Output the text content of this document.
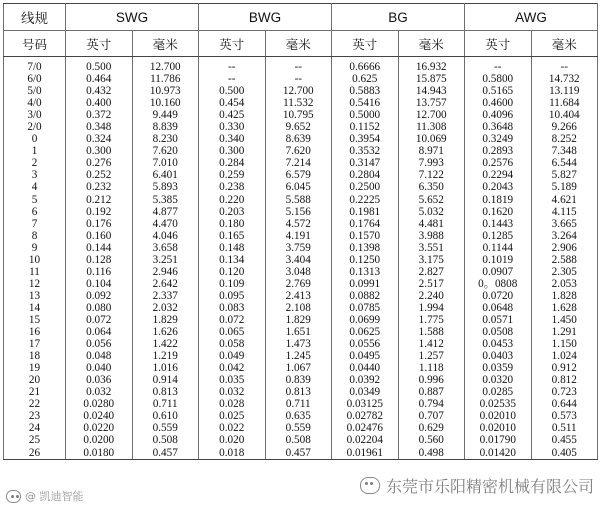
线规	SWG		BWG		BG		AWG	
号码	英寸	毫米	英寸	毫米	英寸	毫米	英寸	毫米
7/0	0.500	12.700	--	--	0.6666	16.932	--	--
6/0	0.464	11.786	--	--	0.625	15.875	0.5800	14.732
5/0	0.432	10.973	0.500	12.700	0.5883	14.943	0.5165	13.119
4/0	0.400	10.160	0.454	11.532	0.5416	13.757	0.4600	11.684
3/0	0.372	9.449	0.425	10.795	0.5000	12.700	0.4096	10.404
2/0	0.348	8.839	0.330	9.652	0.1152	11.308	0.3648	9.266
0	0.324	8.230	0.340	8.639	0.3954	10.069	0.3249	8.252
1	0.300	7.620	0.300	7.620	0.3532	8.971	0.2893	7.348
2	0.276	7.010	0.284	7.214	0.3147	7.993	0.2576	6.544
3	0.252	6.401	0.259	6.579	0.2804	7.122	0.2294	5.827
4	0.232	5.893	0.238	6.045	0.2500	6.350	0.2043	5.189
5	0.212	5.385	0.220	5.588	0.2225	5.652	0.1819	4.621
6	0.192	4.877	0.203	5.156	0.1981	5.032	0.1620	4.115
7	0.176	4.470	0.180	4.572	0.1764	4.481	0.1443	3.665
8	0.160	4.046	0.165	4.191	0.1570	3.988	0.1285	3.264
9	0.144	3.658	0.148	3.759	0.1398	3.551	0.1144	2.906
10	0.128	3.251	0.134	3.404	0.1250	3.175	0.1019	2.588
11	0.116	2.946	0.120	3.048	0.1313	2.827	0.0907	2.305
12	0.104	2.642	0.109	2.769	0.0991	2.517	0。0808	2.053
13	0.092	2.337	0.095	2.413	0.0882	2.240	0.0720	1.828
14	0.080	2.032	0.083	2.108	0.0785	1.994	0.0648	1.628
15	0.072	1.829	0.072	1.829	0.0699	1.775	0.0571	1.450
16	0.064	1.626	0.065	1.651	0.0625	1.588	0.0508	1.291
17	0.056	1.422	0.058	1.473	0.0556	1.412	0.0453	1.150
18	0.048	1.219	0.049	1.245	0.0495	1.257	0.0403	1.024
19	0.040	1.016	0.042	1.067	0.0440	1.118	0.0359	0.912
20	0.036	0.914	0.035	0.839	0.0392	0.996	0.0320	0.812
21	0.032	0.813	0.032	0.813	0.0349	0.887	0.0285	0.723
22	0.0280	0.711	0.028	0.711	0.03125	0.794	0.02535	0.644
23	0.0240	0.610	0.025	0.635	0.02782	0.707	0.02010	0.573
24	0.0220	0.559	0.022	0.559	0.02476	0.629	0.02010	0.511
25	0.0200	0.508	0.020	0.508	0.02204	0.560	0.01790	0.455
26	0.0180	0.457	0.018	0.457	0.01961	0.498	0.01420	0.405
@ 凯迪智能
东莞市乐阳精密机械有限公司
